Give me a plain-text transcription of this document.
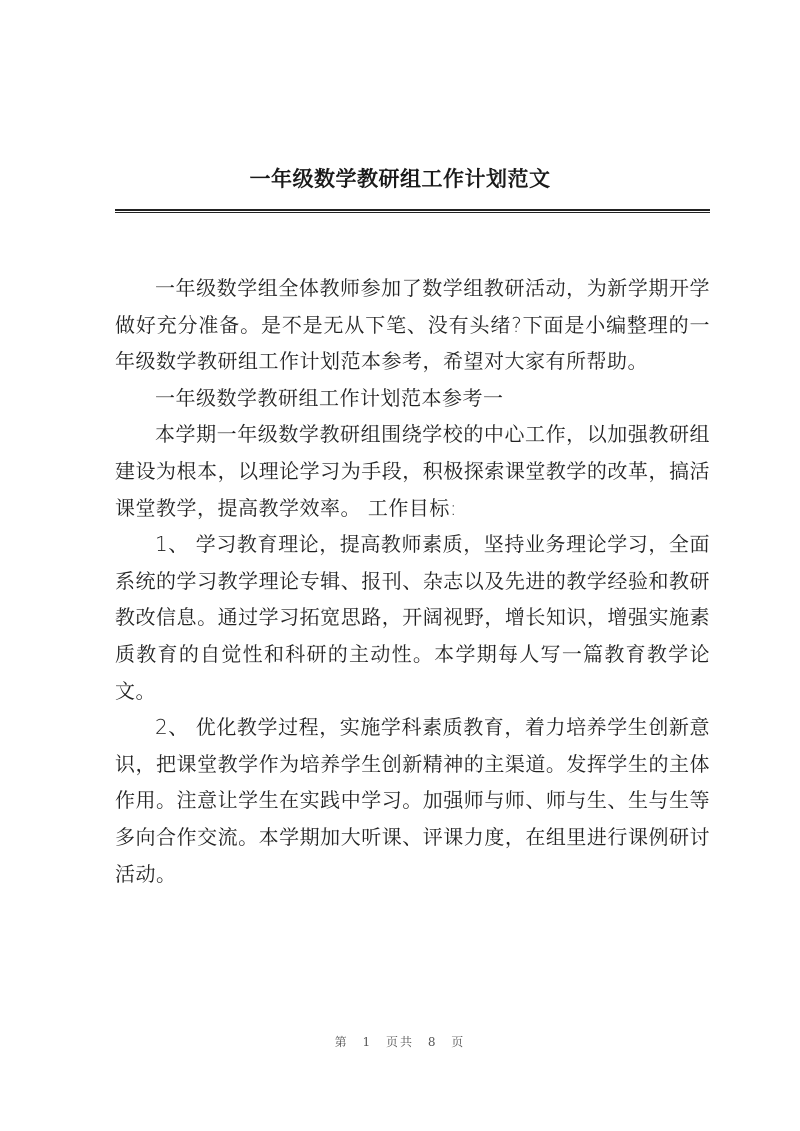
一年级数学教研组工作计划范文

一年级数学组全体教师参加了数学组教研活动，为新学期开学做好充分准备。是不是无从下笔、没有头绪?下面是小编整理的一年级数学教研组工作计划范本参考，希望对大家有所帮助。

一年级数学教研组工作计划范本参考一

本学期一年级数学教研组围绕学校的中心工作，以加强教研组建设为根本，以理论学习为手段，积极探索课堂教学的改革，搞活课堂教学，提高教学效率。 工作目标:

1、 学习教育理论，提高教师素质，坚持业务理论学习，全面系统的学习教学理论专辑、报刊、杂志以及先进的教学经验和教研教改信息。通过学习拓宽思路，开阔视野，增长知识，增强实施素质教育的自觉性和科研的主动性。本学期每人写一篇教育教学论文。

2、 优化教学过程，实施学科素质教育，着力培养学生创新意识，把课堂教学作为培养学生创新精神的主渠道。发挥学生的主体作用。注意让学生在实践中学习。加强师与师、师与生、生与生等多向合作交流。本学期加大听课、评课力度，在组里进行课例研讨活动。

第 1 页共 8 页
